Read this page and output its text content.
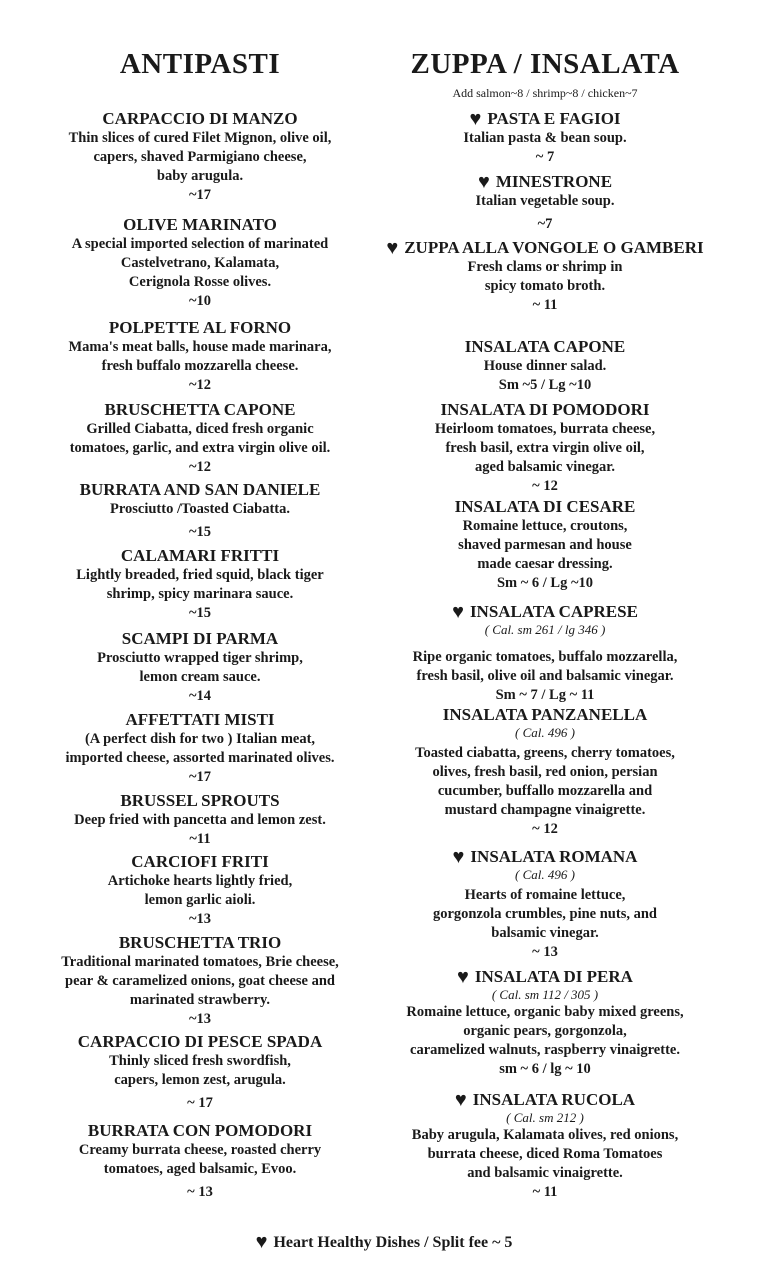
ANTIPASTI
CARPACCIO DI MANZO
Thin slices of cured Filet Mignon, olive oil,
capers, shaved Parmigiano cheese,
baby arugula.
~17
OLIVE MARINATO
A special imported selection of marinated
Castelvetrano, Kalamata,
Cerignola Rosse olives.
~10
POLPETTE AL FORNO
Mama's meat balls, house made marinara,
fresh buffalo mozzarella cheese.
~12
BRUSCHETTA CAPONE
Grilled Ciabatta, diced fresh organic
tomatoes, garlic, and extra virgin olive oil.
~12
BURRATA AND SAN DANIELE
Prosciutto /Toasted Ciabatta.
~15
CALAMARI FRITTI
Lightly breaded, fried squid, black tiger
shrimp, spicy marinara sauce.
~15
SCAMPI DI PARMA
Prosciutto wrapped tiger shrimp,
lemon cream sauce.
~14
AFFETTATI MISTI
(A perfect dish for two ) Italian meat,
imported cheese, assorted marinated olives.
~17
BRUSSEL SPROUTS
Deep fried with pancetta and lemon zest.
~11
CARCIOFI FRITI
Artichoke hearts lightly fried,
lemon garlic aioli.
~13
BRUSCHETTA TRIO
Traditional marinated tomatoes, Brie cheese,
pear & caramelized onions, goat cheese and
marinated strawberry.
~13
CARPACCIO DI PESCE SPADA
Thinly sliced fresh swordfish,
capers, lemon zest, arugula.
~ 17
BURRATA CON POMODORI
Creamy burrata cheese, roasted cherry
tomatoes, aged balsamic, Evoo.
~ 13
ZUPPA / INSALATA
Add salmon~8 / shrimp~8 / chicken~7
♥ PASTA E FAGIOI
Italian pasta & bean soup.
~ 7
♥ MINESTRONE
Italian vegetable soup.
~7
♥ ZUPPA ALLA VONGOLE O GAMBERI
Fresh clams or shrimp in
spicy tomato broth.
~ 11
INSALATA CAPONE
House dinner salad.
Sm ~5 / Lg ~10
INSALATA DI POMODORI
Heirloom tomatoes, burrata cheese,
fresh basil, extra virgin olive oil,
aged balsamic vinegar.
~ 12
INSALATA DI CESARE
Romaine lettuce, croutons,
shaved parmesan and house
made caesar dressing.
Sm ~ 6 / Lg ~10
♥ INSALATA CAPRESE
( Cal. sm 261 / lg 346 )
Ripe organic tomatoes, buffalo mozzarella,
fresh basil, olive oil and balsamic vinegar.
Sm ~ 7 / Lg ~ 11
INSALATA PANZANELLA
( Cal. 496 )
Toasted ciabatta, greens, cherry tomatoes,
olives, fresh basil, red onion, persian
cucumber, buffallo mozzarella and
mustard champagne vinaigrette.
~ 12
♥ INSALATA ROMANA
( Cal. 496 )
Hearts of romaine lettuce,
gorgonzola crumbles, pine nuts, and
balsamic vinegar.
~ 13
♥ INSALATA DI PERA
( Cal. sm 112 / 305 )
Romaine lettuce, organic baby mixed greens,
organic pears, gorgonzola,
caramelized walnuts, raspberry vinaigrette.
sm ~ 6 / lg ~ 10
♥ INSALATA RUCOLA
( Cal. sm 212 )
Baby arugula, Kalamata olives, red onions,
burrata cheese, diced Roma Tomatoes
and balsamic vinaigrette.
~ 11
♥ Heart Healthy Dishes / Split fee ~ 5
